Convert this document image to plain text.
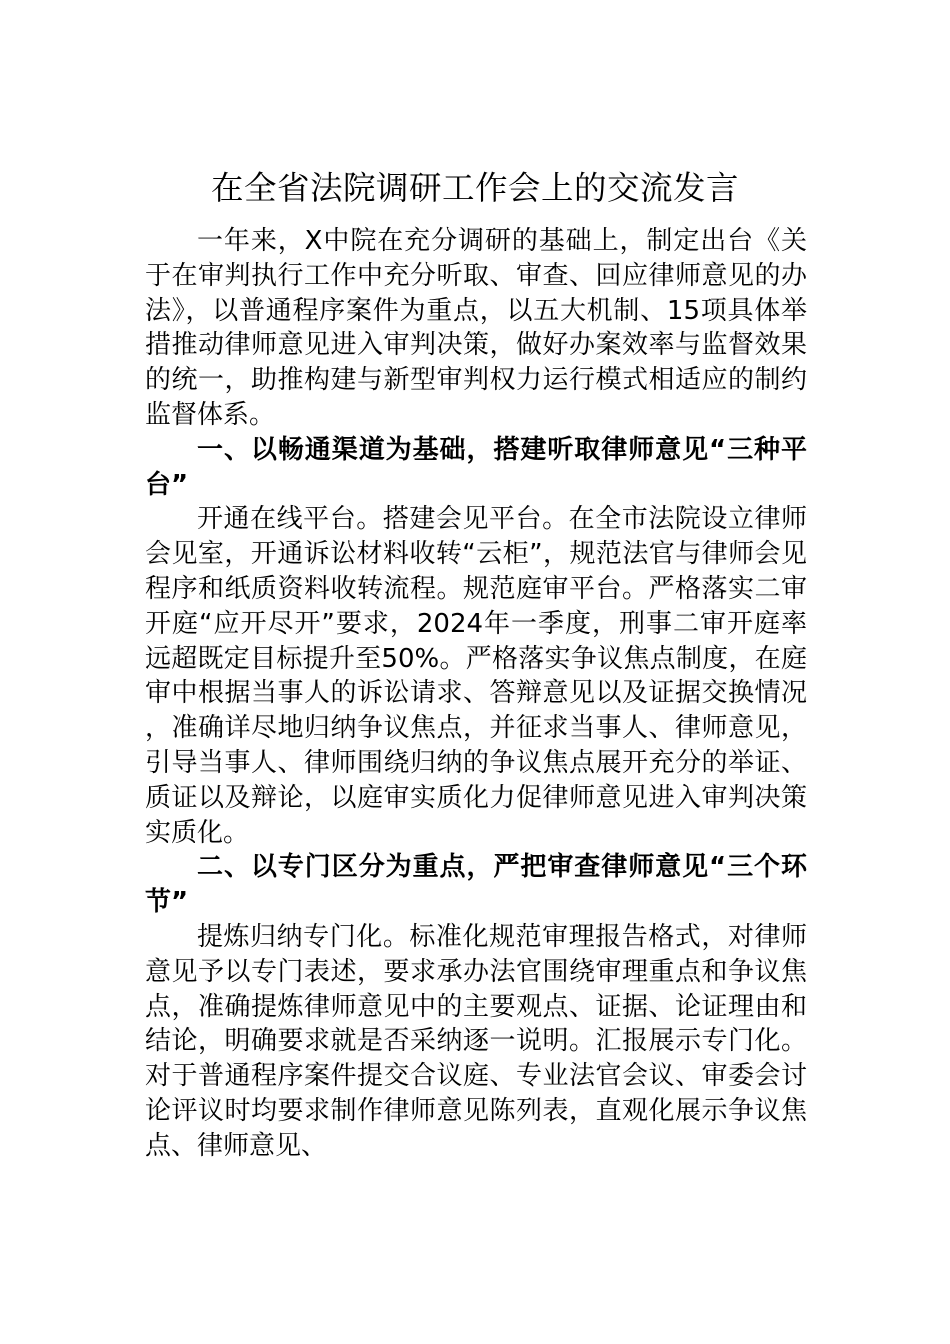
在全省法院调研工作会上的交流发言

一年来，X中院在充分调研的基础上，制定出台《关于在审判执行工作中充分听取、审查、回应律师意见的办法》，以普通程序案件为重点，以五大机制、15项具体举措推动律师意见进入审判决策，做好办案效率与监督效果的统一，助推构建与新型审判权力运行模式相适应的制约监督体系。

一、以畅通渠道为基础，搭建听取律师意见“三种平台”

开通在线平台。搭建会见平台。在全市法院设立律师会见室，开通诉讼材料收转“云柜”，规范法官与律师会见程序和纸质资料收转流程。规范庭审平台。严格落实二审开庭“应开尽开”要求，2024年一季度，刑事二审开庭率远超既定目标提升至50%。严格落实争议焦点制度，在庭审中根据当事人的诉讼请求、答辩意见以及证据交换情况，准确详尽地归纳争议焦点，并征求当事人、律师意见，引导当事人、律师围绕归纳的争议焦点展开充分的举证、质证以及辩论，以庭审实质化力促律师意见进入审判决策实质化。

二、以专门区分为重点，严把审查律师意见“三个环节”

提炼归纳专门化。标准化规范审理报告格式，对律师意见予以专门表述，要求承办法官围绕审理重点和争议焦点，准确提炼律师意见中的主要观点、证据、论证理由和结论，明确要求就是否采纳逐一说明。汇报展示专门化。对于普通程序案件提交合议庭、专业法官会议、审委会讨论评议时均要求制作律师意见陈列表，直观化展示争议焦点、律师意见、
